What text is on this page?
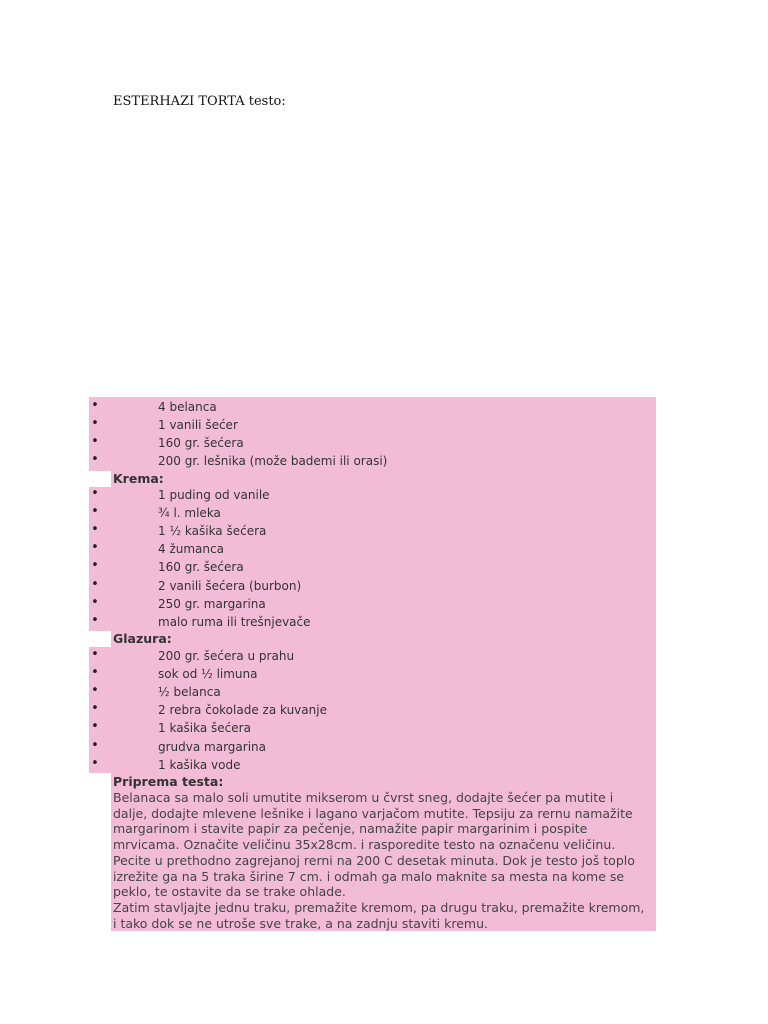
ESTERHAZI TORTA testo:
•	4 belanca
•	1 vanili šećer
•	160 gr. šećera
•	200 gr. lešnika (može bademi ili orasi)
Krema:
•	1 puding od vanile
•	¾ l. mleka
•	1 ½ kašika šećera
•	4 žumanca
•	160 gr. šećera
•	2 vanili šećera (burbon)
•	250 gr. margarina
•	malo ruma ili trešnjevače
Glazura:
•	200 gr. šećera u prahu
•	sok od ½ limuna
•	½ belanca
•	2 rebra čokolade za kuvanje
•	1 kašika šećera
•	grudva margarina
•	1 kašika vode
Priprema testa:
Belanaca sa malo soli umutite mikserom u čvrst sneg, dodajte šećer pa mutite i
dalje, dodajte mlevene lešnike i lagano varjačom mutite. Tepsiju za rernu namažite
margarinom i stavite papir za pečenje, namažite papir margarinim i pospite
mrvicama. Označite veličinu 35x28cm. i rasporedite testo na označenu veličinu.
Pecite u prethodno zagrejanoj rerni na 200 C desetak minuta. Dok je testo još toplo
izrežite ga na 5 traka širine 7 cm. i odmah ga malo maknite sa mesta na kome se
peklo, te ostavite da se trake ohlade.
Zatim stavljajte jednu traku, premažite kremom, pa drugu traku, premažite kremom,
i tako dok se ne utroše sve trake, a na zadnju staviti kremu.
